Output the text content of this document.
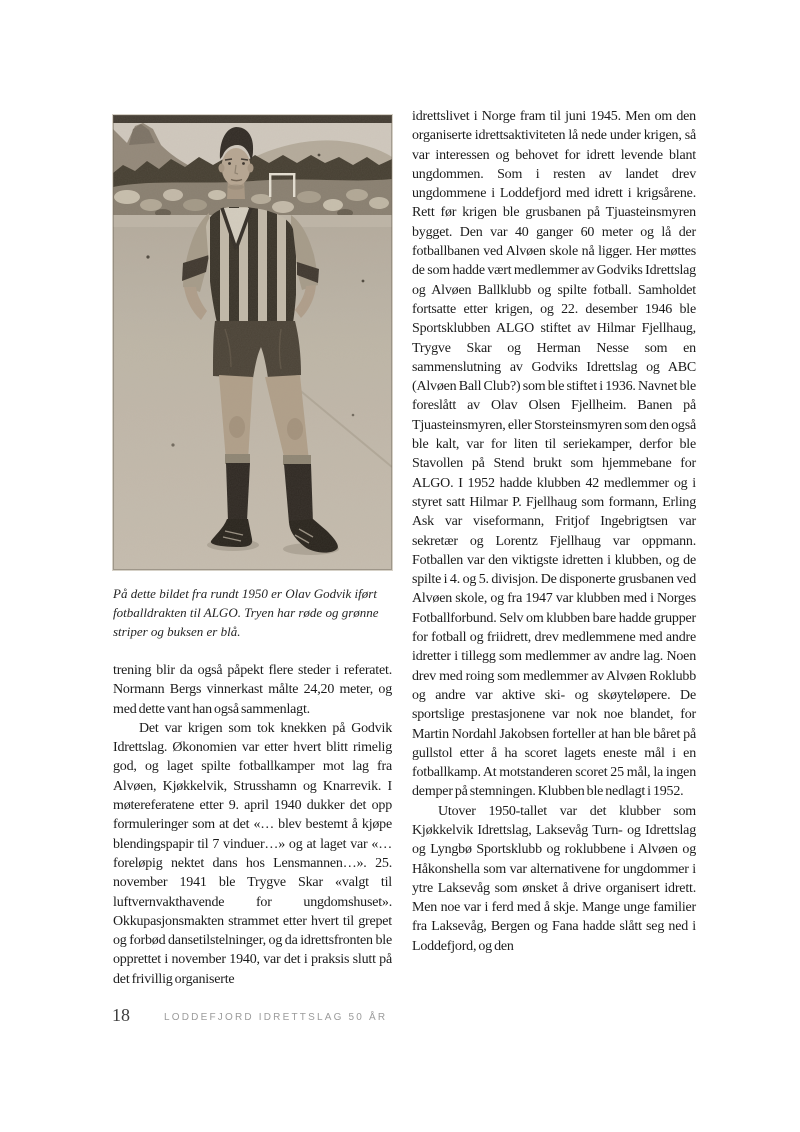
På dette bildet fra rundt 1950 er Olav Godvik iført fotballdrakten til ALGO. Tryen har røde og grønne striper og buksen er blå.

trening blir da også påpekt flere steder i referatet. Normann Bergs vinnerkast målte 24,20 meter, og med dette vant han også sammenlagt.

Det var krigen som tok knekken på Godvik Idrettslag. Økonomien var etter hvert blitt rimelig god, og laget spilte fotballkamper mot lag fra Alvøen, Kjøkkelvik, Strusshamn og Knarrevik. I møtereferatene etter 9. april 1940 dukker det opp formuleringer som at det «… blev bestemt å kjøpe blendingspapir til 7 vinduer…» og at laget var «… foreløpig nektet dans hos Lensmannen…». 25. november 1941 ble Trygve Skar «valgt til luftvernvakthavende for ungdomshuset». Okkupasjonsmakten strammet etter hvert til grepet og forbød dansetilstelninger, og da idrettsfronten ble opprettet i november 1940, var det i praksis slutt på det frivillig organiserte

idrettslivet i Norge fram til juni 1945. Men om den organiserte idrettsaktiviteten lå nede under krigen, så var interessen og behovet for idrett levende blant ungdommen. Som i resten av landet drev ungdommene i Loddefjord med idrett i krigsårene. Rett før krigen ble grusbanen på Tjuasteinsmyren bygget. Den var 40 ganger 60 meter og lå der fotballbanen ved Alvøen skole nå ligger. Her møttes de som hadde vært medlemmer av Godviks Idrettslag og Alvøen Ballklubb og spilte fotball. Samholdet fortsatte etter krigen, og 22. desember 1946 ble Sportsklubben ALGO stiftet av Hilmar Fjellhaug, Trygve Skar og Herman Nesse som en sammenslutning av Godviks Idrettslag og ABC (Alvøen Ball Club?) som ble stiftet i 1936. Navnet ble foreslått av Olav Olsen Fjellheim. Banen på Tjuasteinsmyren, eller Storsteinsmyren som den også ble kalt, var for liten til seriekamper, derfor ble Stavollen på Stend brukt som hjemmebane for ALGO. I 1952 hadde klubben 42 medlemmer og i styret satt Hilmar P. Fjellhaug som formann, Erling Ask var viseformann, Fritjof Ingebrigtsen var sekretær og Lorentz Fjellhaug var oppmann. Fotballen var den viktigste idretten i klubben, og de spilte i 4. og 5. divisjon. De disponerte grusbanen ved Alvøen skole, og fra 1947 var klubben med i Norges Fotballforbund. Selv om klubben bare hadde grupper for fotball og friidrett, drev medlemmene med andre idretter i tillegg som medlemmer av andre lag. Noen drev med roing som medlemmer av Alvøen Roklubb og andre var aktive ski- og skøyteløpere. De sportslige prestasjonene var nok noe blandet, for Martin Nordahl Jakobsen forteller at han ble båret på gullstol etter å ha scoret lagets eneste mål i en fotballkamp. At motstanderen scoret 25 mål, la ingen demper på stemningen. Klubben ble nedlagt i 1952.

Utover 1950-tallet var det klubber som Kjøkkelvik Idrettslag, Laksevåg Turn- og Idrettslag og Lyngbø Sportsklubb og roklubbene i Alvøen og Håkonshella som var alternativene for ungdommer i ytre Laksevåg som ønsket å drive organisert idrett. Men noe var i ferd med å skje. Mange unge familier fra Laksevåg, Bergen og Fana hadde slått seg ned i Loddefjord, og den

18	LODDEFJORD IDRETTSLAG 50 ÅR
